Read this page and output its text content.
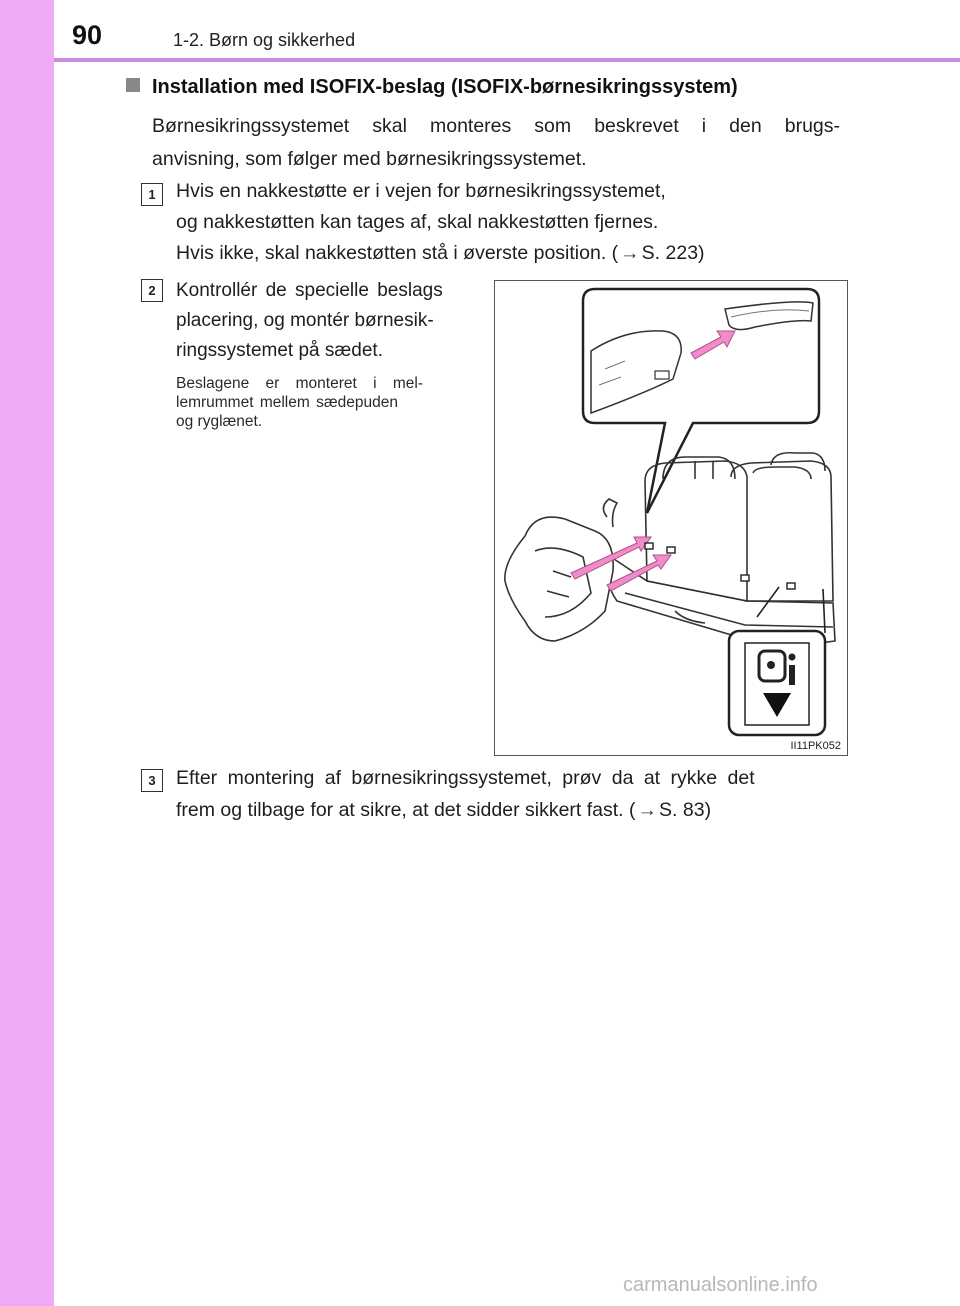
90	1-2. Børn og sikkerhed
Installation med ISOFIX-beslag (ISOFIX-børnesikringssystem)
Børnesikringssystemet skal monteres som beskrevet i den brugs-
anvisning, som følger med børnesikringssystemet.
1	Hvis en nakkestøtte er i vejen for børnesikringssystemet,
og nakkestøtten kan tages af, skal nakkestøtten fjernes.
Hvis ikke, skal nakkestøtten stå i øverste position. ( → S. 223)
2	Kontrollér de specielle beslags
placering, og montér børnesik-
ringssystemet på sædet.
Beslagene er monteret i mel-
lemrummet mellem sædepuden
og ryglænet.
II11PK052
3	Efter montering af børnesikringssystemet, prøv da at rykke det
frem og tilbage for at sikre, at det sidder sikkert fast. ( → S. 83)
carmanualsonline.info
